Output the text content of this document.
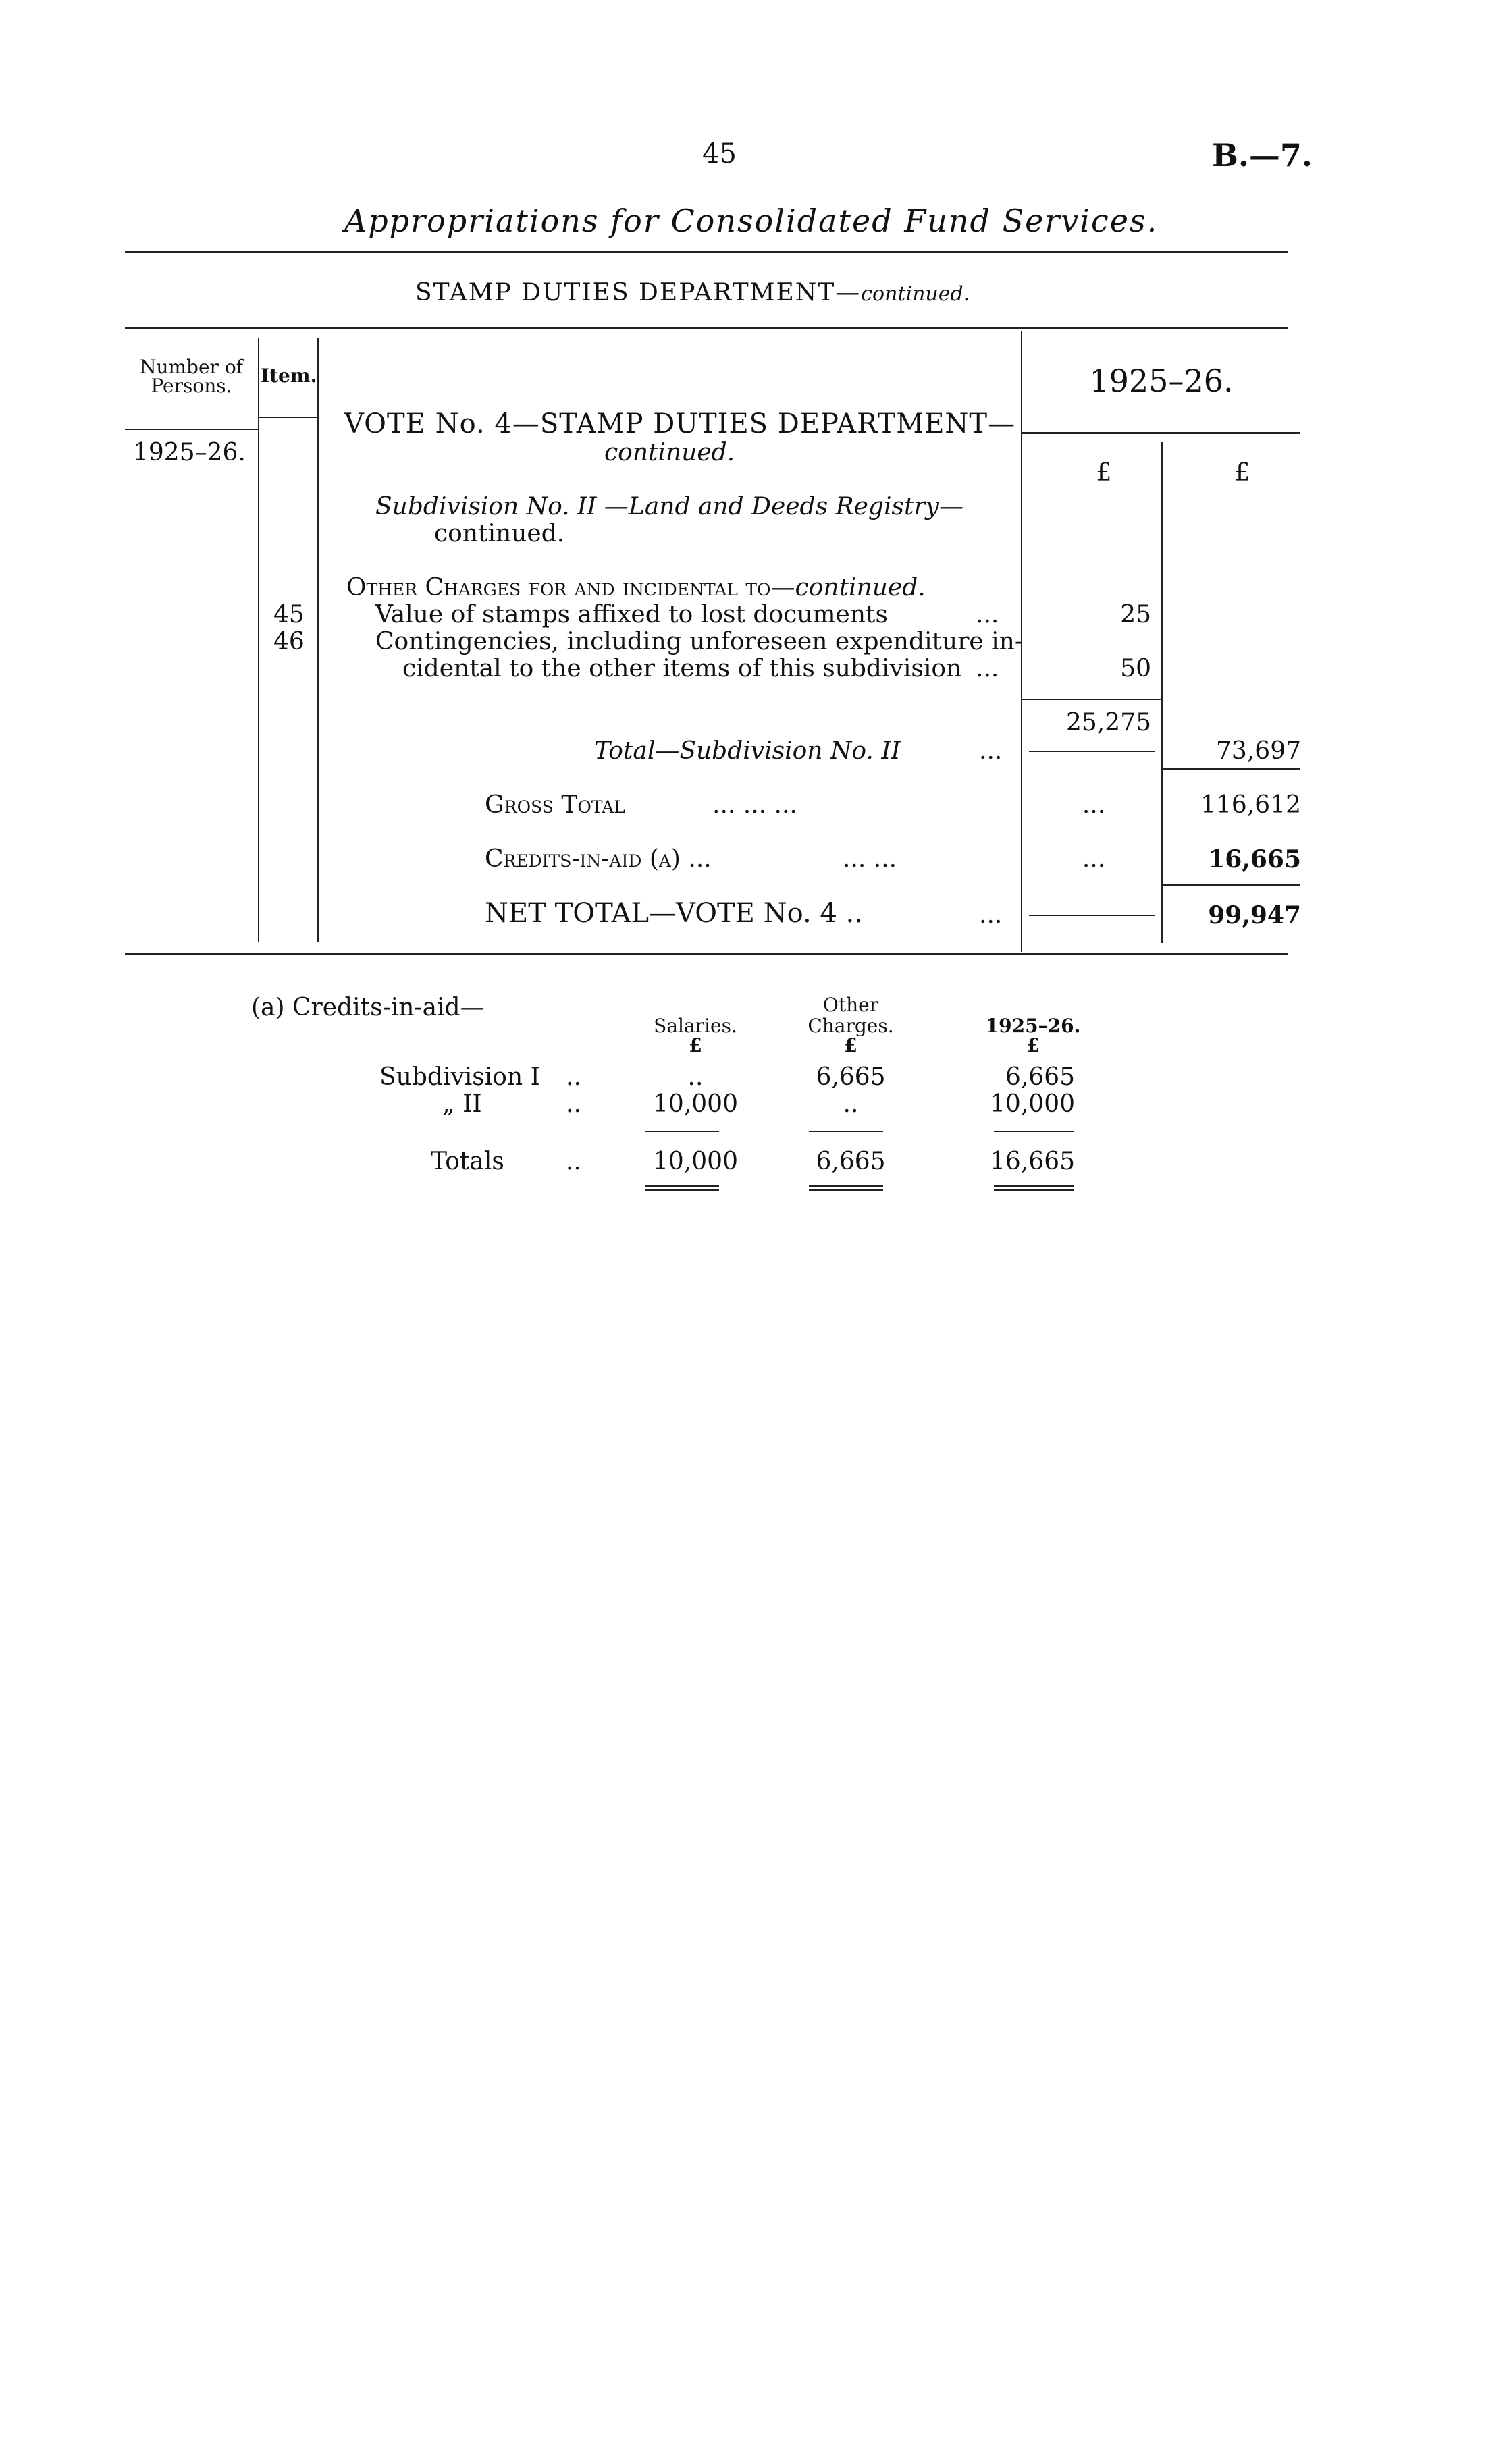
45	B.—7.
Appropriations for Consolidated Fund Services.
STAMP DUTIES DEPARTMENT—continued.
Number of Persons.	Item.	1925–26.
1925–26.
£	£
VOTE No. 4—STAMP DUTIES DEPARTMENT—
continued.
Subdivision No. II —Land and Deeds Registry—
continued.
Other Charges for and incidental to—continued.
45	Value of stamps affixed to lost documents	...	25
46	Contingencies, including unforeseen expenditure in-
cidental to the other items of this subdivision ...	50
25,275
Total—Subdivision No. II	...	73,697
Gross Total	... ... ...	...	116,612
Credits-in-aid (a) ...	... ...	...	16,665
NET TOTAL—VOTE No. 4 ..	...	99,947
(a) Credits-in-aid—	Other
Salaries.	Charges.	1925–26.
£	£	£
Subdivision I ..	..	6,665	6,665
„ II	..	10,000	..	10,000
Totals	..	10,000	6,665	16,665
